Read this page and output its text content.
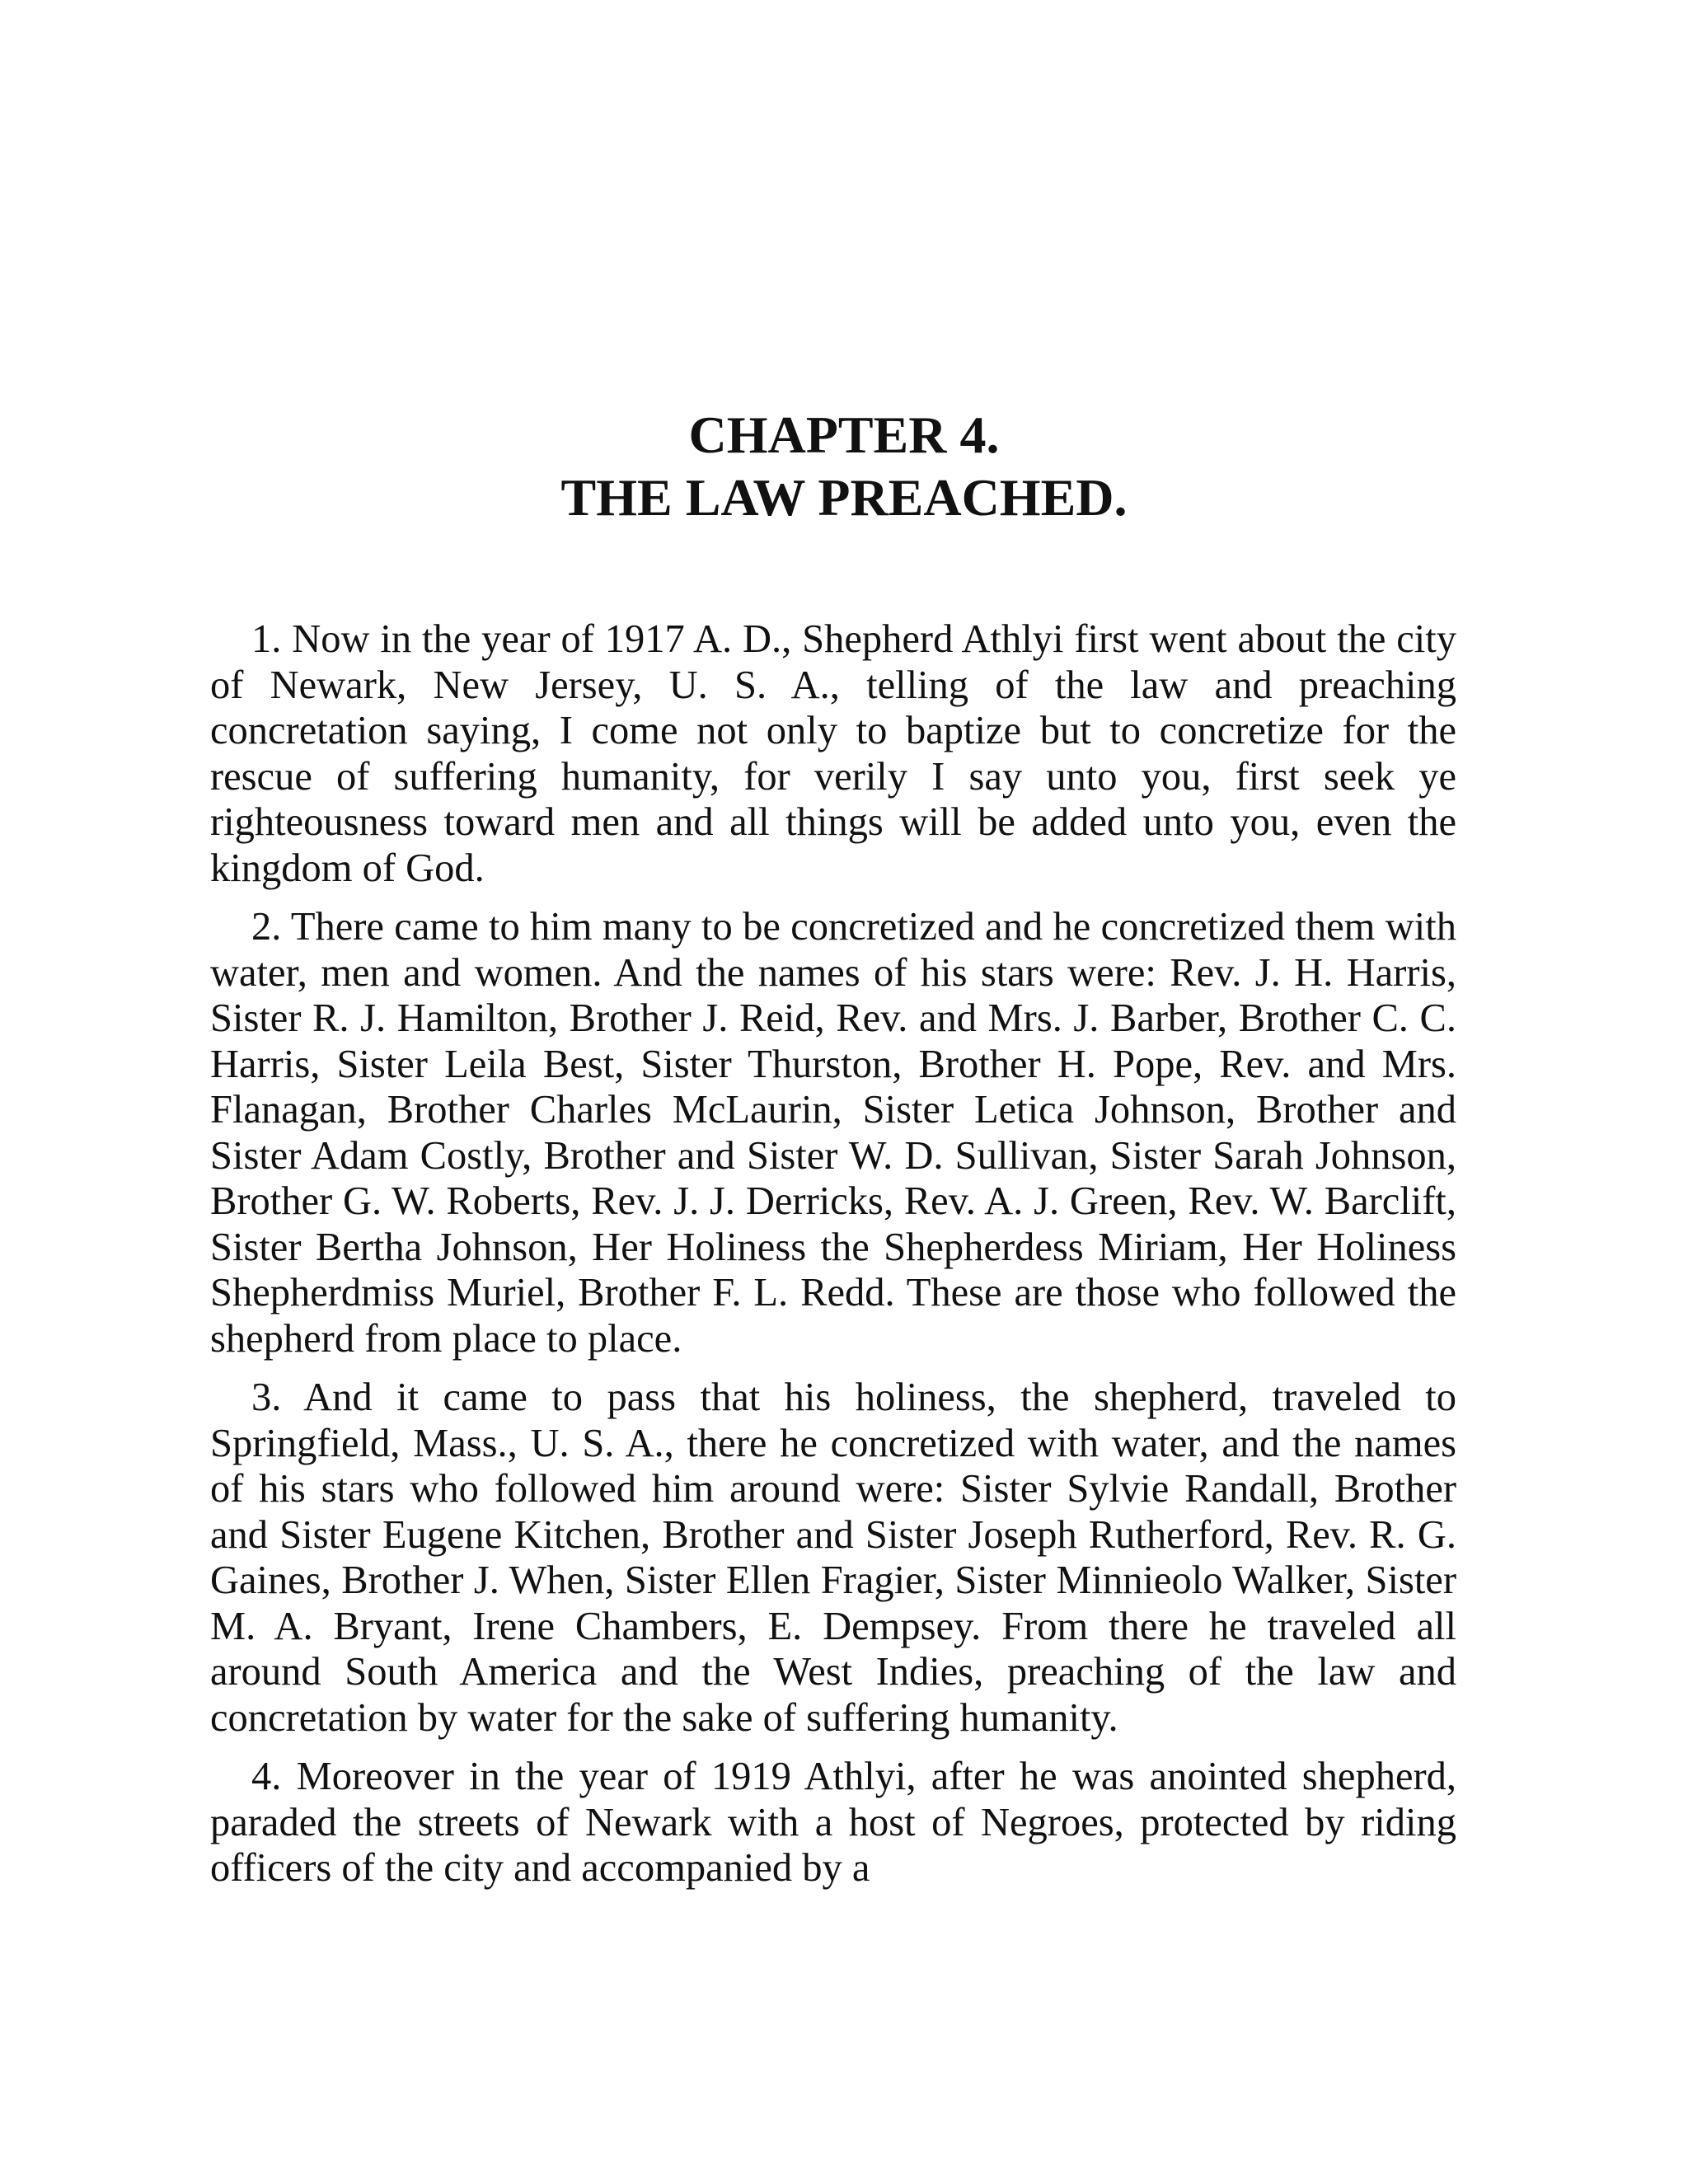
CHAPTER 4.
THE LAW PREACHED.

1. Now in the year of 1917 A. D., Shepherd Athlyi first went about the city of Newark, New Jersey, U. S. A., telling of the law and preaching concretation saying, I come not only to baptize but to concretize for the rescue of suffering humanity, for verily I say unto you, first seek ye righteousness toward men and all things will be added unto you, even the kingdom of God.

2. There came to him many to be concretized and he concretized them with water, men and women. And the names of his stars were: Rev. J. H. Harris, Sister R. J. Hamilton, Brother J. Reid, Rev. and Mrs. J. Barber, Brother C. C. Harris, Sister Leila Best, Sister Thurston, Brother H. Pope, Rev. and Mrs. Flanagan, Brother Charles McLaurin, Sister Letica Johnson, Brother and Sister Adam Costly, Brother and Sister W. D. Sullivan, Sister Sarah Johnson, Brother G. W. Roberts, Rev. J. J. Derricks, Rev. A. J. Green, Rev. W. Barclift, Sister Bertha Johnson, Her Holiness the Shepherdess Miriam, Her Holiness Shepherdmiss Muriel, Brother F. L. Redd. These are those who followed the shepherd from place to place.

3. And it came to pass that his holiness, the shepherd, traveled to Springfield, Mass., U. S. A., there he concretized with water, and the names of his stars who followed him around were: Sister Sylvie Randall, Brother and Sister Eugene Kitchen, Brother and Sister Joseph Rutherford, Rev. R. G. Gaines, Brother J. When, Sister Ellen Fragier, Sister Minnieolo Walker, Sister M. A. Bryant, Irene Chambers, E. Dempsey. From there he traveled all around South America and the West Indies, preaching of the law and concretation by water for the sake of suffering humanity.

4. Moreover in the year of 1919 Athlyi, after he was anointed shepherd, paraded the streets of Newark with a host of Negroes, protected by riding officers of the city and accompanied by a
